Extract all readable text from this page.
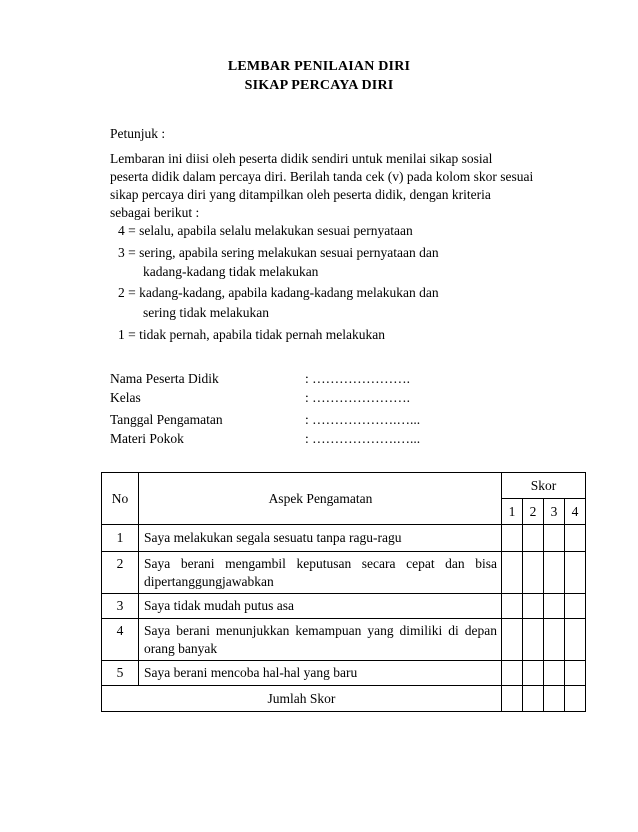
LEMBAR PENILAIAN DIRI
SIKAP PERCAYA DIRI
Petunjuk :
Lembaran ini diisi oleh peserta didik sendiri untuk menilai sikap sosial
peserta didik dalam percaya diri. Berilah tanda cek (v) pada kolom skor sesuai
sikap percaya diri yang ditampilkan oleh peserta didik, dengan kriteria
sebagai berikut :
4 = selalu, apabila selalu melakukan sesuai pernyataan
3 = sering, apabila sering melakukan sesuai pernyataan dan
kadang-kadang tidak melakukan
2 = kadang-kadang, apabila kadang-kadang melakukan dan
sering tidak melakukan
1 = tidak pernah, apabila tidak pernah melakukan
Nama Peserta Didik	: ………………….
Kelas	: ………………….
Tanggal Pengamatan	: ……………….…...
Materi Pokok	: ……………….…...
No	Aspek Pengamatan	Skor			
		1	2	3	4
1	Saya melakukan segala sesuatu tanpa ragu-ragu				
2	Saya berani mengambil keputusan secara cepat dan bisa dipertanggungjawabkan				
3	Saya tidak mudah putus asa				
4	Saya berani menunjukkan kemampuan yang dimiliki di depan orang banyak				
5	Saya berani mencoba hal-hal yang baru				
Jumlah Skor					
